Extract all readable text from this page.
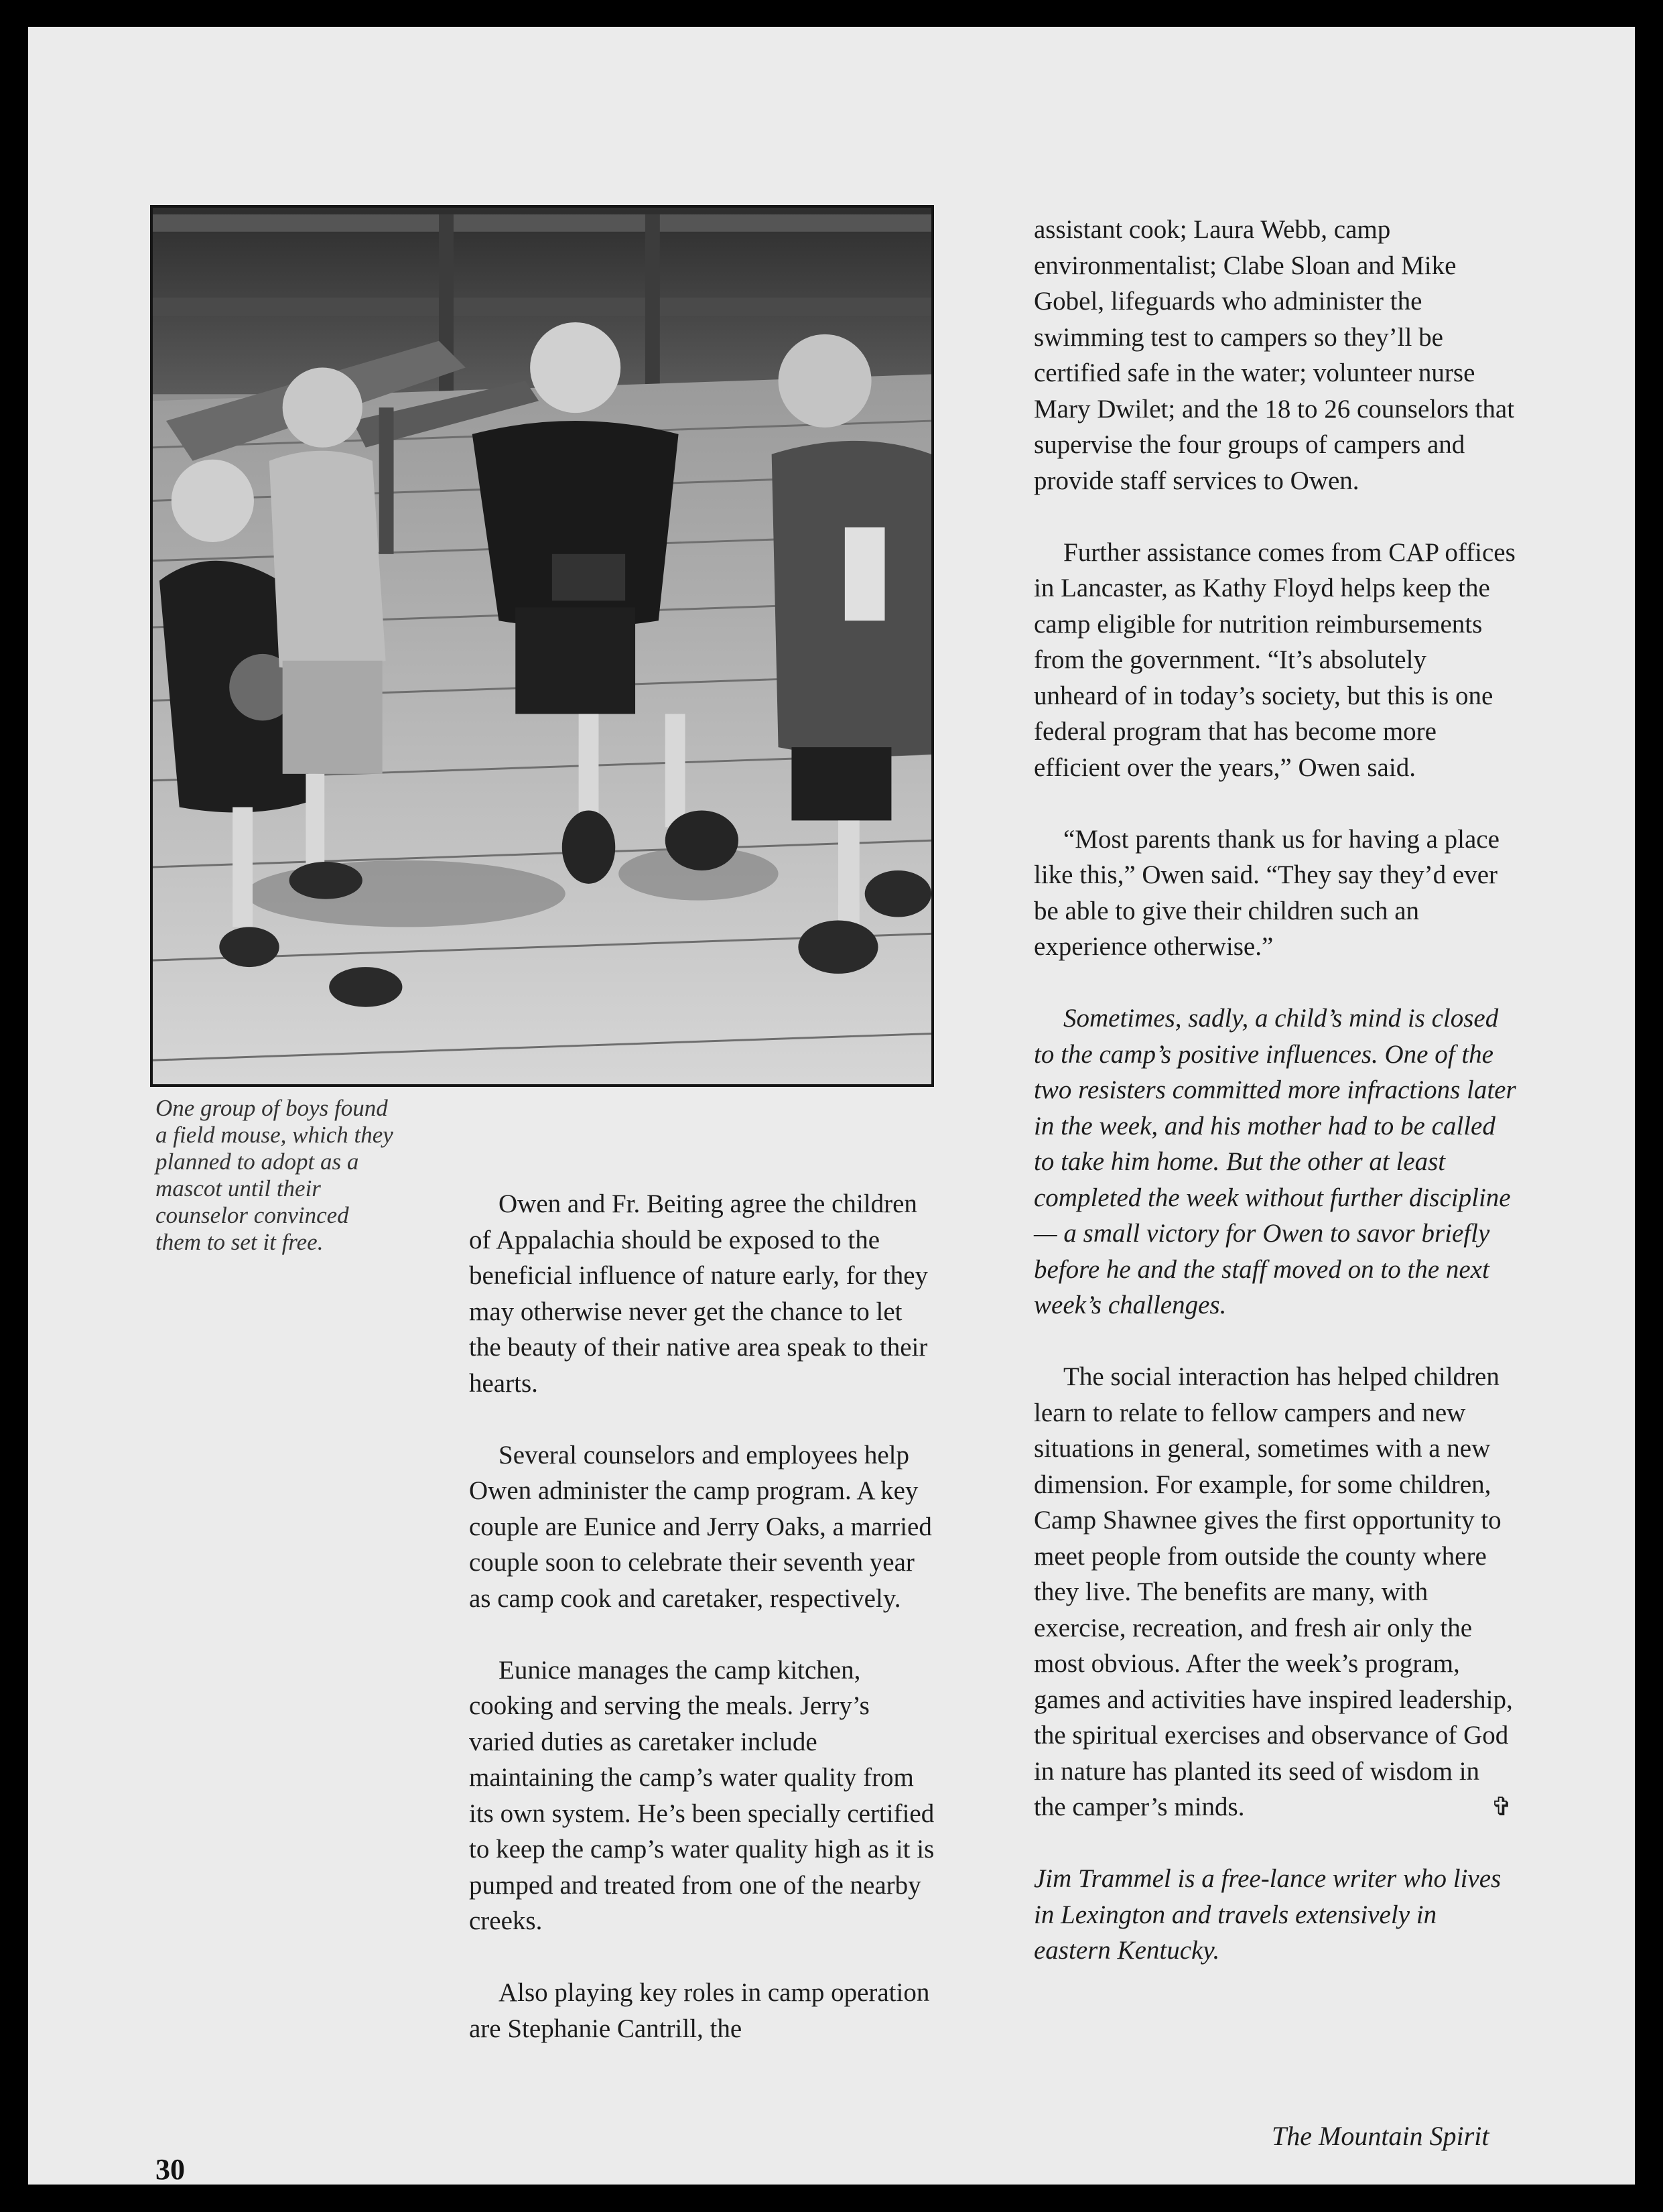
One group of boys found a field mouse, which they planned to adopt as a mascot until their counselor convinced them to set it free.

Owen and Fr. Beiting agree the children of Appalachia should be exposed to the beneficial influence of nature early, for they may otherwise never get the chance to let the beauty of their native area speak to their hearts.

Several counselors and employees help Owen administer the camp program. A key couple are Eunice and Jerry Oaks, a married couple soon to celebrate their seventh year as camp cook and caretaker, respectively.

Eunice manages the camp kitchen, cooking and serving the meals. Jerry’s varied duties as caretaker include maintaining the camp’s water quality from its own system. He’s been specially certified to keep the camp’s water quality high as it is pumped and treated from one of the nearby creeks.

Also playing key roles in camp operation are Stephanie Cantrill, the

assistant cook; Laura Webb, camp environmentalist; Clabe Sloan and Mike Gobel, lifeguards who administer the swimming test to campers so they’ll be certified safe in the water; volunteer nurse Mary Dwilet; and the 18 to 26 counselors that supervise the four groups of campers and provide staff services to Owen.

Further assistance comes from CAP offices in Lancaster, as Kathy Floyd helps keep the camp eligible for nutrition reimbursements from the government. “It’s absolutely unheard of in today’s society, but this is one federal program that has become more efficient over the years,” Owen said.

“Most parents thank us for having a place like this,” Owen said. “They say they’d ever be able to give their children such an experience otherwise.”

Sometimes, sadly, a child’s mind is closed to the camp’s positive influences. One of the two resisters committed more infractions later in the week, and his mother had to be called to take him home. But the other at least completed the week without further discipline — a small victory for Owen to savor briefly before he and the staff moved on to the next week’s challenges.

The social interaction has helped children learn to relate to fellow campers and new situations in general, sometimes with a new dimension. For example, for some children, Camp Shawnee gives the first opportunity to meet people from outside the county where they live. The benefits are many, with exercise, recreation, and fresh air only the most obvious. After the week’s program, games and activities have inspired leadership, the spiritual exercises and observance of God in nature has planted its seed of wisdom in the camper’s minds.	✞

Jim Trammel is a free-lance writer who lives in Lexington and travels extensively in eastern Kentucky.

The Mountain Spirit
30
